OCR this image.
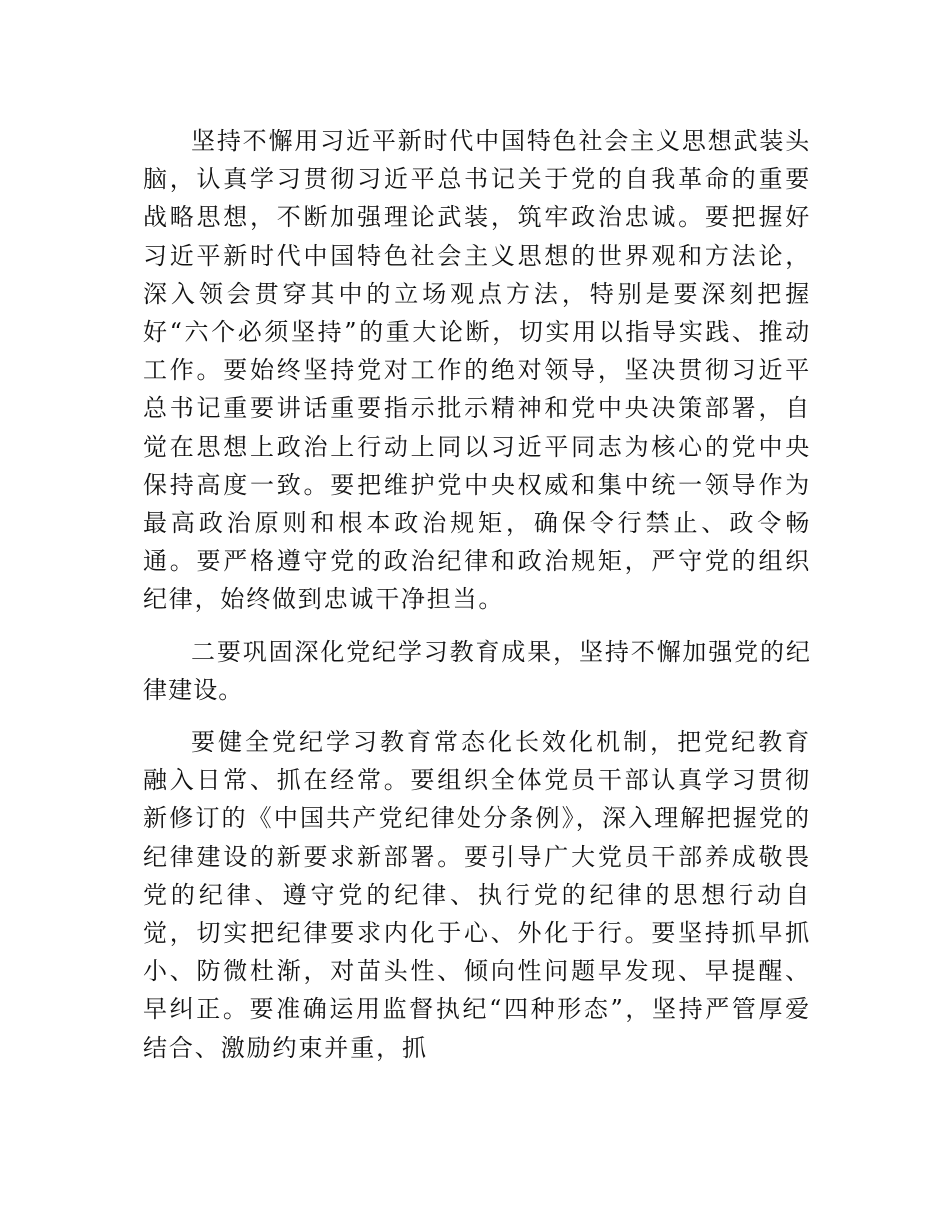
坚持不懈用习近平新时代中国特色社会主义思想武装头脑，认真学习贯彻习近平总书记关于党的自我革命的重要战略思想，不断加强理论武装，筑牢政治忠诚。要把握好习近平新时代中国特色社会主义思想的世界观和方法论，深入领会贯穿其中的立场观点方法，特别是要深刻把握好“六个必须坚持”的重大论断，切实用以指导实践、推动工作。要始终坚持党对工作的绝对领导，坚决贯彻习近平总书记重要讲话重要指示批示精神和党中央决策部署，自觉在思想上政治上行动上同以习近平同志为核心的党中央保持高度一致。要把维护党中央权威和集中统一领导作为最高政治原则和根本政治规矩，确保令行禁止、政令畅通。要严格遵守党的政治纪律和政治规矩，严守党的组织纪律，始终做到忠诚干净担当。

二要巩固深化党纪学习教育成果，坚持不懈加强党的纪律建设。

要健全党纪学习教育常态化长效化机制，把党纪教育融入日常、抓在经常。要组织全体党员干部认真学习贯彻新修订的《中国共产党纪律处分条例》，深入理解把握党的纪律建设的新要求新部署。要引导广大党员干部养成敬畏党的纪律、遵守党的纪律、执行党的纪律的思想行动自觉，切实把纪律要求内化于心、外化于行。要坚持抓早抓小、防微杜渐，对苗头性、倾向性问题早发现、早提醒、早纠正。要准确运用监督执纪“四种形态”，坚持严管厚爱结合、激励约束并重，抓
